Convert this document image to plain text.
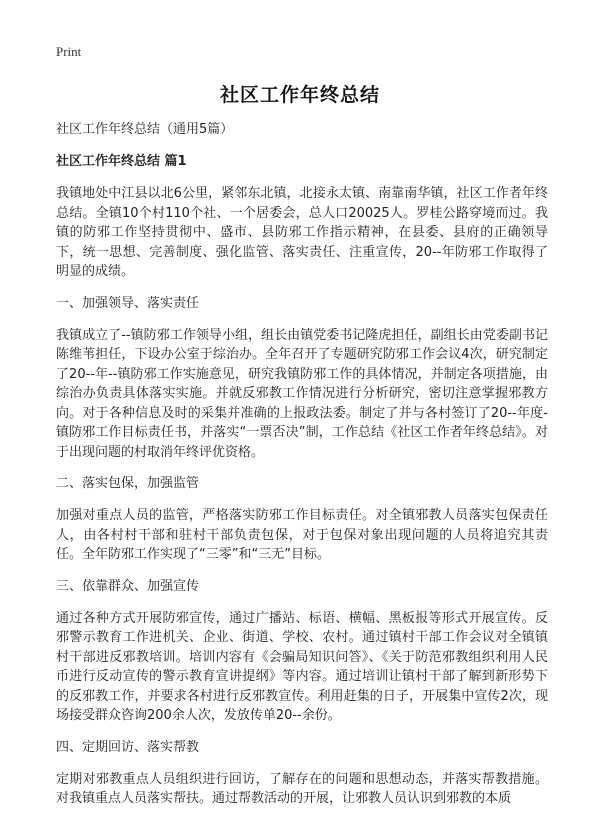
Print
社区工作年终总结

社区工作年终总结（通用5篇）

社区工作年终总结 篇1

我镇地处中江县以北6公里，紧邻东北镇，北接永太镇、南靠南华镇，社区工作者年终总结。全镇10个村110个社、一个居委会，总人口20025人。罗桂公路穿境而过。我镇的防邪工作坚持贯彻中、盛市、县防邪工作指示精神，在县委、县府的正确领导下，统一思想、完善制度、强化监管、落实责任、注重宣传，20--年防邪工作取得了明显的成绩。

一、加强领导、落实责任

我镇成立了--镇防邪工作领导小组，组长由镇党委书记隆虎担任，副组长由党委副书记陈维苇担任，下设办公室于综治办。全年召开了专题研究防邪工作会议4次，研究制定了20--年--镇防邪工作实施意见，研究我镇防邪工作的具体情况，并制定各项措施，由综治办负责具体落实实施。并就反邪教工作情况进行分析研究，密切注意掌握邪教方向。对于各种信息及时的采集并准确的上报政法委。制定了并与各村签订了20--年度-镇防邪工作目标责任书，并落实“一票否决”制，工作总结《社区工作者年终总结》。对于出现问题的村取消年终评优资格。

二、落实包保，加强监管

加强对重点人员的监管，严格落实防邪工作目标责任。对全镇邪教人员落实包保责任人，由各村村干部和驻村干部负责包保，对于包保对象出现问题的人员将追究其责任。全年防邪工作实现了“三零”和“三无”目标。

三、依靠群众、加强宣传

通过各种方式开展防邪宣传，通过广播站、标语、横幅、黑板报等形式开展宣传。反邪警示教育工作进机关、企业、街道、学校、农村。通过镇村干部工作会议对全镇镇村干部进反邪教培训。培训内容有《会骗局知识问答》、《关于防范邪教组织利用人民币进行反动宣传的警示教育宣讲提纲》等内容。通过培训让镇村干部了解到新形势下的反邪教工作，并要求各村进行反邪教宣传。利用赶集的日子，开展集中宣传2次，现场接受群众咨询200余人次，发放传单20--余份。

四、定期回访、落实帮教

定期对邪教重点人员组织进行回访，了解存在的问题和思想动态，并落实帮教措施。对我镇重点人员落实帮扶。通过帮教活动的开展，让邪教人员认识到邪教的本质
